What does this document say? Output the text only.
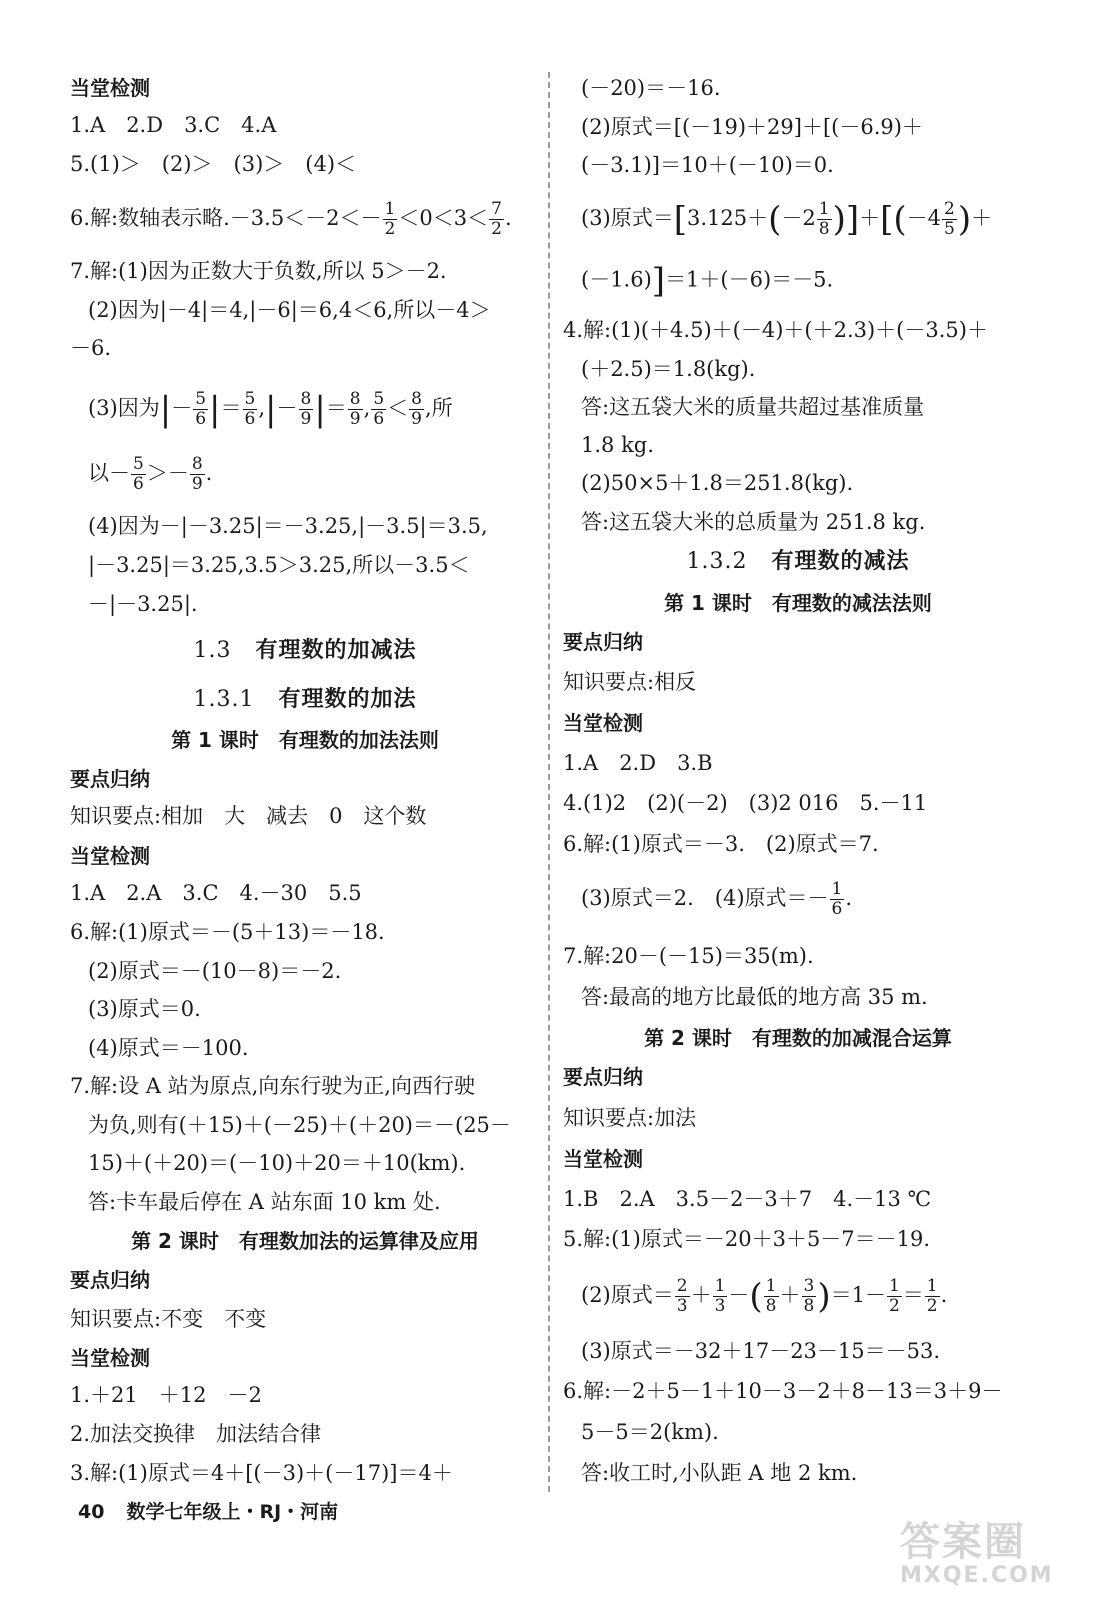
当堂检测
1.A　2.D　3.C　4.A
5.(1)＞　(2)＞　(3)＞　(4)＜
6.解:数轴表示略$.-3.5<-2<- \frac{1}{2} <0<3< \frac{7}{2}$ .
7.解:(1)因为正数大于负数,所以 5＞－2.
(2)因为|－4|＝4,|－6|＝6,4＜6,所以－4＞
－6.
(3)因为|－ $\frac{5}{6}$ |＝ $\frac{5}{6}$ ,|－ $\frac{8}{9}$ |＝ $\frac{8}{9}$ , $\frac{5}{6} < \frac{8}{9}$ ,所
以－ $\frac{5}{6} >- \frac{8}{9}$ .
(4)因为－|－3.25|＝－3.25,|－3.5|＝3.5,
|－3.25|＝3.25,3.5＞3.25,所以－3.5＜
－|－3.25|.
1.3 有理数的加减法
1.3.1 有理数的加法
第 1 课时　有理数的加法法则
要点归纳
知识要点:相加　大　减去　0　这个数
当堂检测
1.A　2.A　3.C　4.－30　5.5
6.解:(1)原式＝－(5＋13)＝－18.
(2)原式＝－(10－8)＝－2.
(3)原式＝0.
(4)原式＝－100.
7.解:设 A 站为原点,向东行驶为正,向西行驶
为负,则有(＋15)＋(－25)＋(＋20)＝－(25－
15)＋(＋20)＝(－10)＋20＝＋10(km).
答:卡车最后停在 A 站东面 10 km 处.
第 2 课时　有理数加法的运算律及应用
要点归纳
知识要点:不变　不变
当堂检测
1.＋21　＋12　－2
2.加法交换律　加法结合律
3.解:(1)原式＝4＋[(－3)＋(－17)]＝4＋
(－20)＝－16.
(2)原式＝[(－19)＋29]＋[(－6.9)＋
(－3.1)]＝10＋(－10)＝0.
(3)原式$=[3.125+(-2 \frac{1}{8} )]+[(-4 \frac{2}{5}$ )＋
(－1.6)]＝1＋(－6)＝－5.
4.解:(1)(＋4.5)＋(－4)＋(＋2.3)＋(－3.5)＋
(＋2.5)＝1.8(kg).
答:这五袋大米的质量共超过基准质量
1.8 kg.
(2)50×5＋1.8＝251.8(kg).
答:这五袋大米的总质量为 251.8 kg.
1.3.2 有理数的减法
第 1 课时　有理数的减法法则
要点归纳
知识要点:相反
当堂检测
1.A　2.D　3.B
4.(1)2　(2)(－2)　(3)2 016　5.－11
6.解:(1)原式＝－3.　(2)原式＝7.
(3)原式＝2.　(4)原式＝－ $\frac{1}{6}$ .
7.解:20－(－15)＝35(m).
答:最高的地方比最低的地方高 35 m.
第 2 课时　有理数的加减混合运算
要点归纳
知识要点:加法
当堂检测
1.B　2.A　3.5－2－3＋7　4.－13 ℃
5.解:(1)原式＝－20＋3＋5－7＝－19.
(2)原式＝ $\frac{2}{3} + \frac{1}{3}$ －( $\frac{1}{8} + \frac{3}{8} )=1- \frac{1}{2} = \frac{1}{2}$ .
(3)原式＝－32＋17－23－15＝－53.
6.解:－2＋5－1＋10－3－2＋8－13＝3＋9－
5－5＝2(km).
答:收工时,小队距 A 地 2 km.
40 数学七年级上・RJ・河南
答案圈
MXQE.COM
